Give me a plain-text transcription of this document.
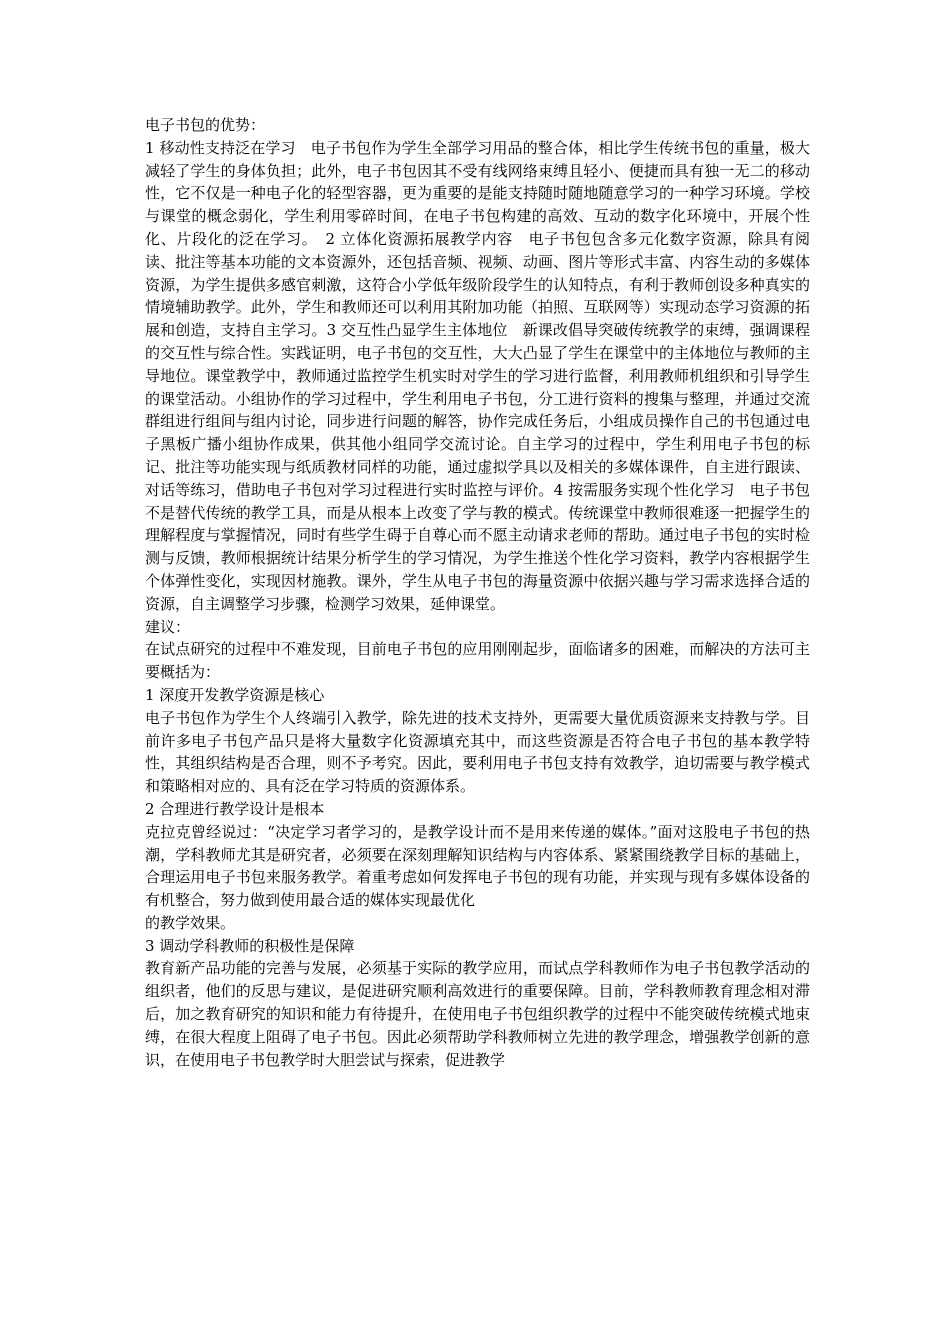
电子书包的优势：

1 移动性支持泛在学习　电子书包作为学生全部学习用品的整合体，相比学生传统书包的重量，极大减轻了学生的身体负担；此外，电子书包因其不受有线网络束缚且轻小、便捷而具有独一无二的移动性，它不仅是一种电子化的轻型容器，更为重要的是能支持随时随地随意学习的一种学习环境。学校与课堂的概念弱化，学生利用零碎时间，在电子书包构建的高效、互动的数字化环境中，开展个性化、片段化的泛在学习。　2 立体化资源拓展教学内容　电子书包包含多元化数字资源，除具有阅读、批注等基本功能的文本资源外，还包括音频、视频、动画、图片等形式丰富、内容生动的多媒体资源，为学生提供多感官刺激，这符合小学低年级阶段学生的认知特点，有利于教师创设多种真实的情境辅助教学。此外，学生和教师还可以利用其附加功能（拍照、互联网等）实现动态学习资源的拓展和创造，支持自主学习。3 交互性凸显学生主体地位　新课改倡导突破传统教学的束缚，强调课程的交互性与综合性。实践证明，电子书包的交互性，大大凸显了学生在课堂中的主体地位与教师的主导地位。课堂教学中，教师通过监控学生机实时对学生的学习进行监督，利用教师机组织和引导学生的课堂活动。小组协作的学习过程中，学生利用电子书包，分工进行资料的搜集与整理，并通过交流群组进行组间与组内讨论，同步进行问题的解答，协作完成任务后，小组成员操作自己的书包通过电子黑板广播小组协作成果，供其他小组同学交流讨论。自主学习的过程中，学生利用电子书包的标记、批注等功能实现与纸质教材同样的功能，通过虚拟学具以及相关的多媒体课件，自主进行跟读、对话等练习，借助电子书包对学习过程进行实时监控与评价。4 按需服务实现个性化学习　电子书包不是替代传统的教学工具，而是从根本上改变了学与教的模式。传统课堂中教师很难逐一把握学生的理解程度与掌握情况，同时有些学生碍于自尊心而不愿主动请求老师的帮助。通过电子书包的实时检测与反馈，教师根据统计结果分析学生的学习情况，为学生推送个性化学习资料，教学内容根据学生个体弹性变化，实现因材施教。课外，学生从电子书包的海量资源中依据兴趣与学习需求选择合适的资源，自主调整学习步骤，检测学习效果，延伸课堂。

建议：

在试点研究的过程中不难发现，目前电子书包的应用刚刚起步，面临诸多的困难，而解决的方法可主要概括为：

1 深度开发教学资源是核心

电子书包作为学生个人终端引入教学，除先进的技术支持外，更需要大量优质资源来支持教与学。目前许多电子书包产品只是将大量数字化资源填充其中，而这些资源是否符合电子书包的基本教学特性，其组织结构是否合理，则不予考究。因此，要利用电子书包支持有效教学，迫切需要与教学模式和策略相对应的、具有泛在学习特质的资源体系。

2 合理进行教学设计是根本

克拉克曾经说过：“决定学习者学习的，是教学设计而不是用来传递的媒体。”面对这股电子书包的热潮，学科教师尤其是研究者，必须要在深刻理解知识结构与内容体系、紧紧围绕教学目标的基础上，合理运用电子书包来服务教学。着重考虑如何发挥电子书包的现有功能，并实现与现有多媒体设备的有机整合，努力做到使用最合适的媒体实现最优化

的教学效果。

3 调动学科教师的积极性是保障

教育新产品功能的完善与发展，必须基于实际的教学应用，而试点学科教师作为电子书包教学活动的组织者，他们的反思与建议，是促进研究顺利高效进行的重要保障。目前，学科教师教育理念相对滞后，加之教育研究的知识和能力有待提升，在使用电子书包组织教学的过程中不能突破传统模式地束缚，在很大程度上阻碍了电子书包。因此必须帮助学科教师树立先进的教学理念，增强教学创新的意识，在使用电子书包教学时大胆尝试与探索，促进教学
